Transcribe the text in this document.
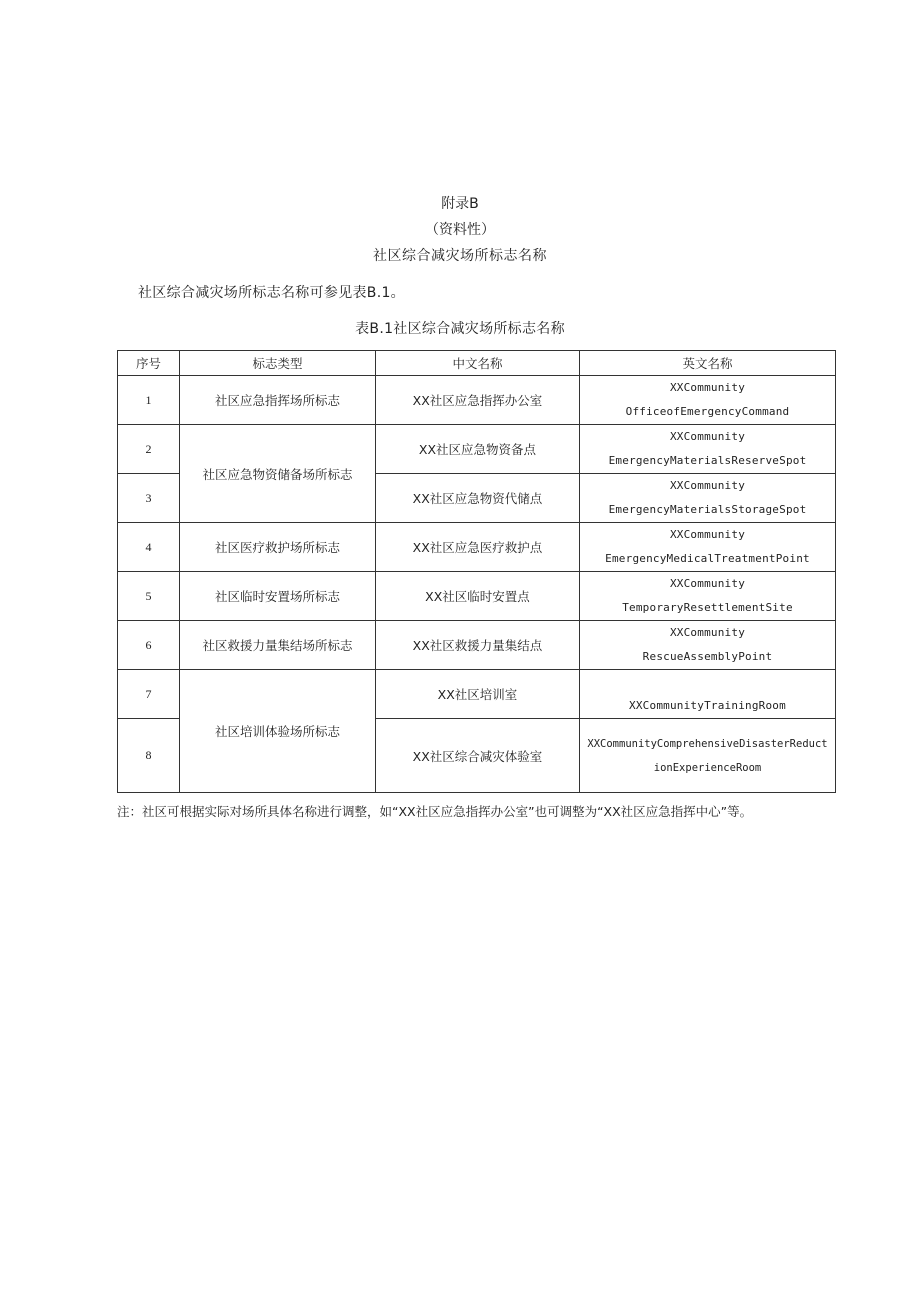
附录B
（资料性）
社区综合减灾场所标志名称
社区综合减灾场所标志名称可参见表B.1。
表B.1社区综合减灾场所标志名称
序号	标志类型	中文名称	英文名称
1	社区应急指挥场所标志	XX社区应急指挥办公室	XXCommunity
OfficeofEmergencyCommand

2	社区应急物资储备场所标志	XX社区应急物资备点	XXCommunity
EmergencyMaterialsReserveSpot

3		XX社区应急物资代储点	XXCommunity
EmergencyMaterialsStorageSpot

4	社区医疗救护场所标志	XX社区应急医疗救护点	XXCommunity
EmergencyMedicalTreatmentPoint

5	社区临时安置场所标志	XX社区临时安置点	XXCommunity
TemporaryResettlementSite

6	社区救援力量集结场所标志	XX社区救援力量集结点	XXCommunity
RescueAssemblyPoint

7	社区培训体验场所标志	XX社区培训室	XXCommunityTrainingRoom

8		XX社区综合减灾体验室	XXCommunityComprehensiveDisasterReduct
ionExperienceRoom
注：社区可根据实际对场所具体名称进行调整，如“XX社区应急指挥办公室”也可调整为“XX社区应急指挥中心”等。
